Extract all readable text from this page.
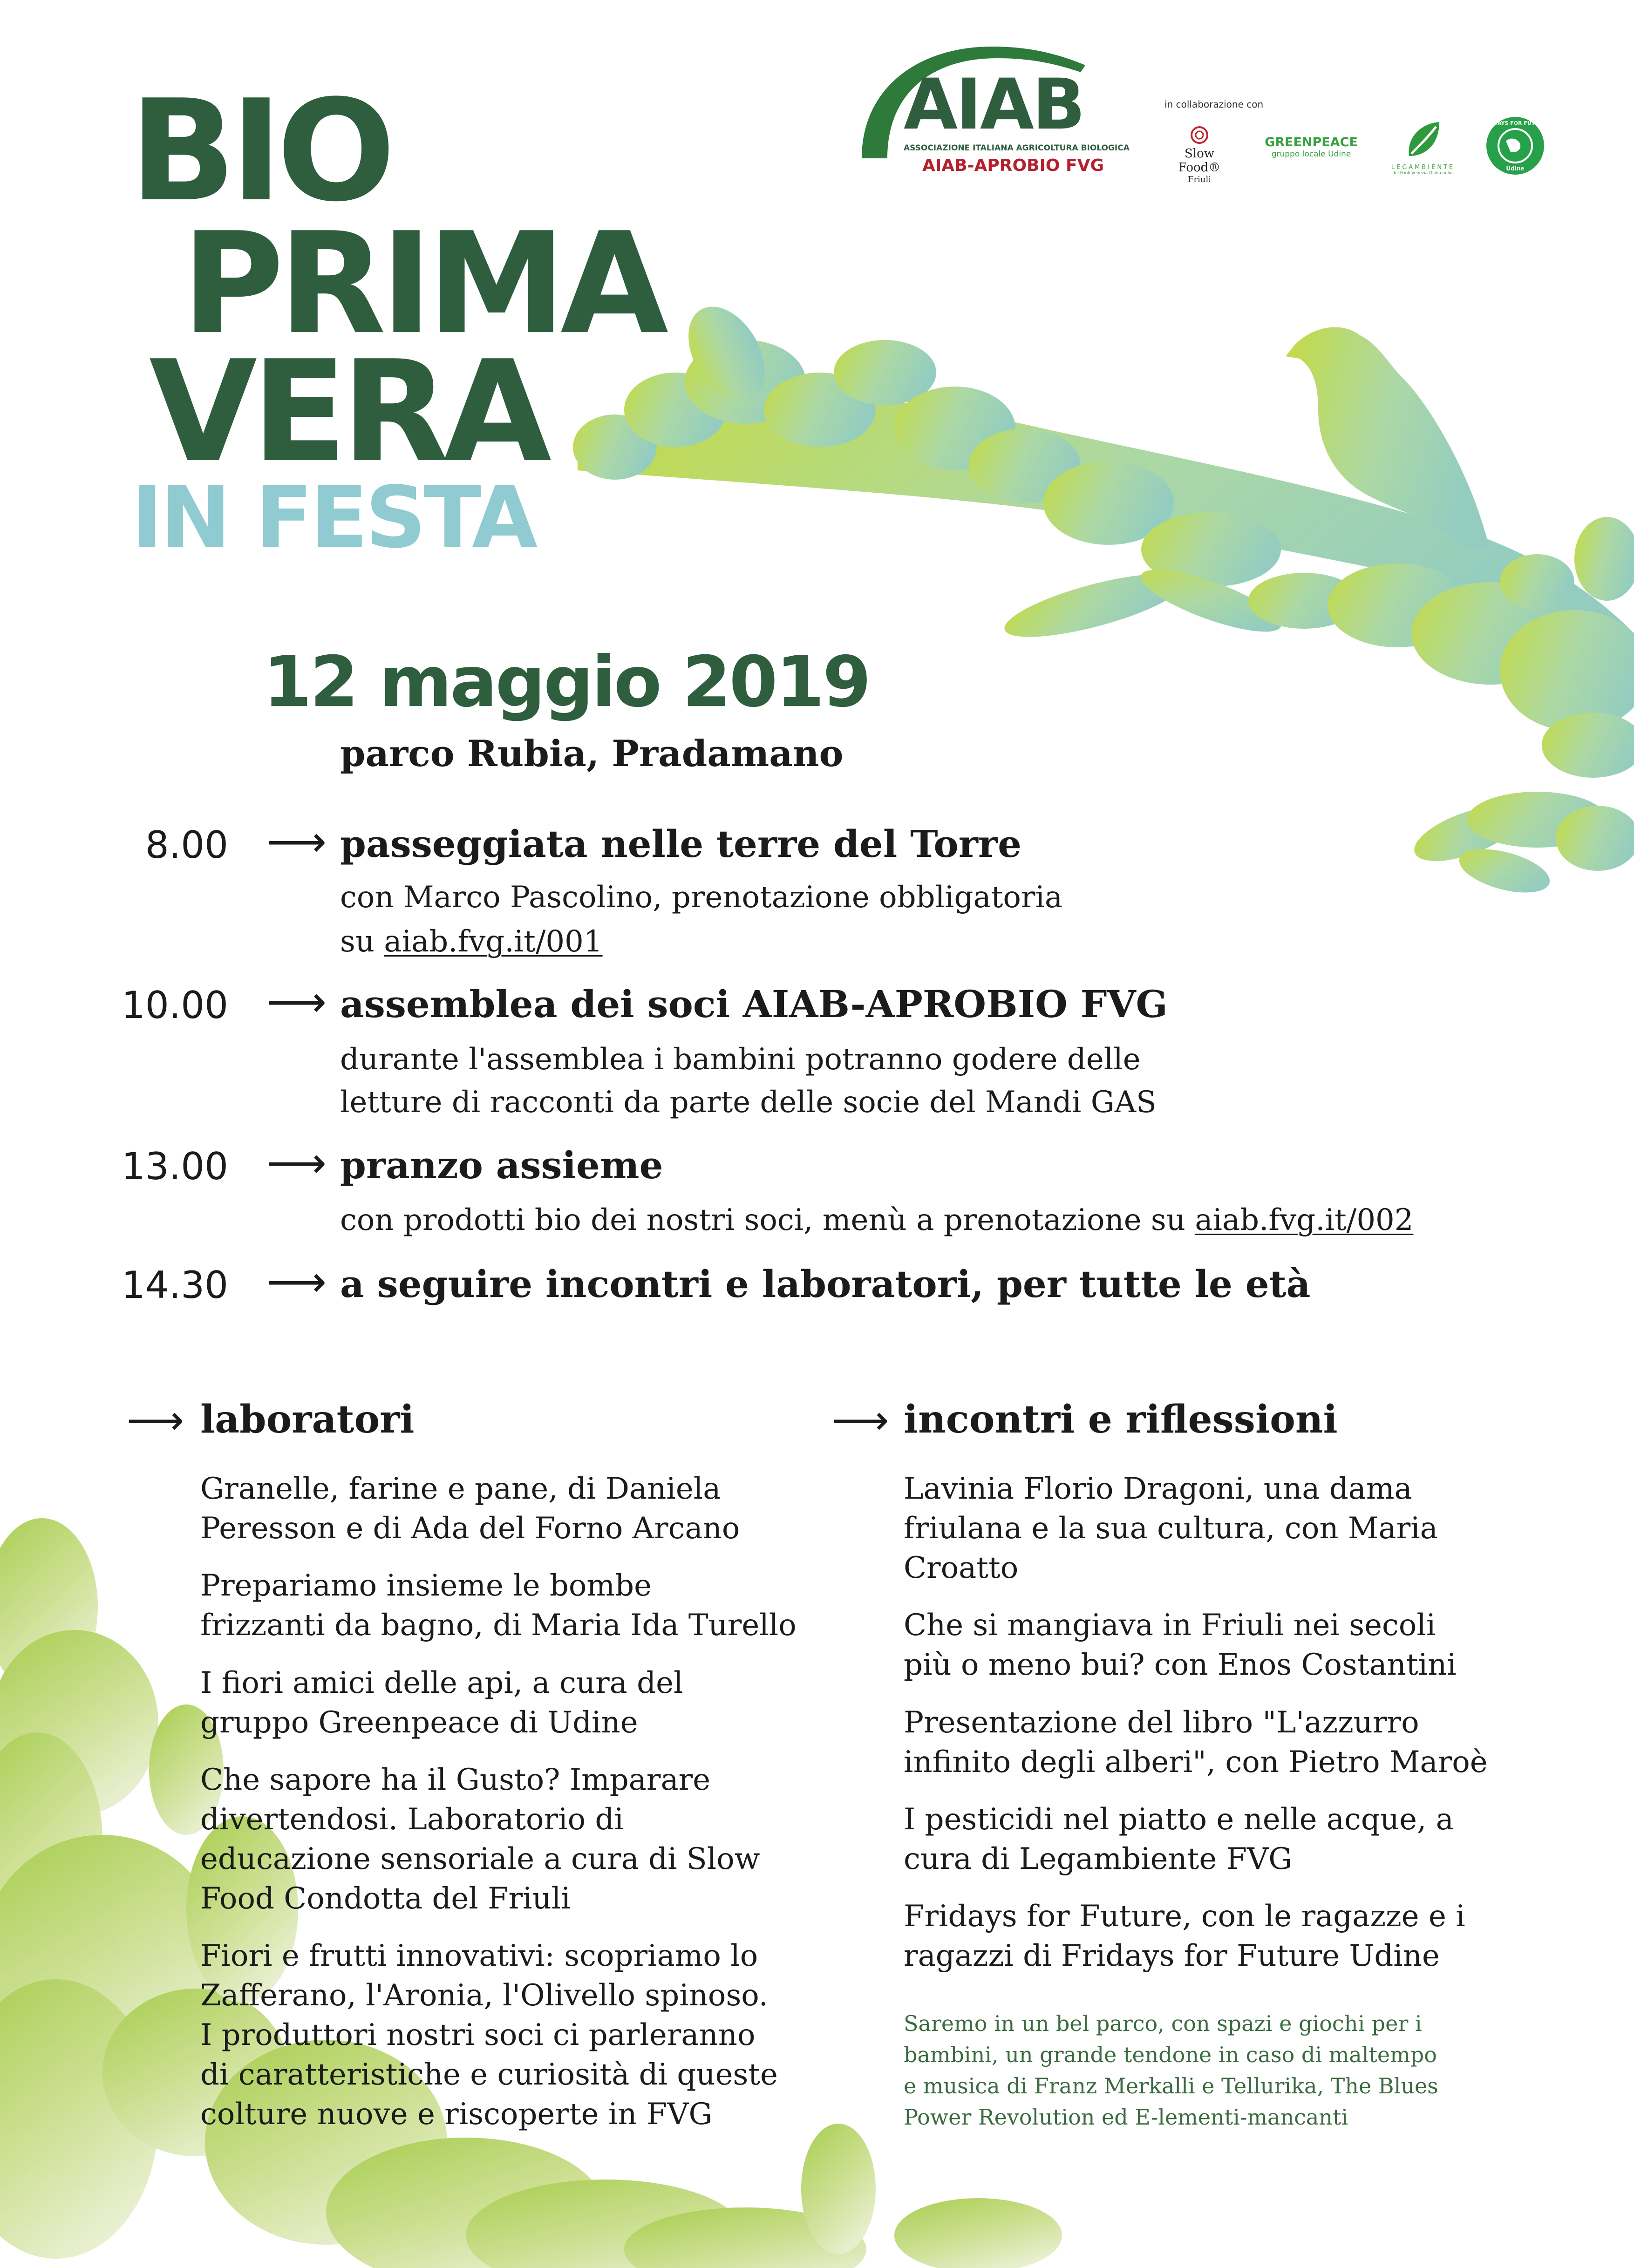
BIO
PRIMA
VERA
IN FESTA
AIAB
ASSOCIAZIONE ITALIANA AGRICOLTURA BIOLOGICA
AIAB-APROBIO FVG
in collaborazione con
Slow Food®
Friuli
GREENPEACE
gruppo locale Udine
LEGAMBIENTE
del Friuli Venezia Giulia onlus
FRIDAYS FOR FUTURE
Udine
12 maggio 2019
parco Rubia, Pradamano
8.00 ⟶ passeggiata nelle terre del Torre
con Marco Pascolino, prenotazione obbligatoria
su aiab.fvg.it/001
10.00 ⟶ assemblea dei soci AIAB-APROBIO FVG
durante l'assemblea i bambini potranno godere delle
letture di racconti da parte delle socie del Mandi GAS
13.00 ⟶ pranzo assieme
con prodotti bio dei nostri soci, menù a prenotazione su aiab.fvg.it/002
14.30 ⟶ a seguire incontri e laboratori, per tutte le età
⟶ laboratori	⟶ incontri e riflessioni
Granelle, farine e pane, di Daniela
Peresson e di Ada del Forno Arcano
Prepariamo insieme le bombe
frizzanti da bagno, di Maria Ida Turello
I fiori amici delle api, a cura del
gruppo Greenpeace di Udine
Che sapore ha il Gusto? Imparare
divertendosi. Laboratorio di
educazione sensoriale a cura di Slow
Food Condotta del Friuli
Fiori e frutti innovativi: scopriamo lo
Zafferano, l'Aronia, l'Olivello spinoso.
I produttori nostri soci ci parleranno
di caratteristiche e curiosità di queste
colture nuove e riscoperte in FVG
Lavinia Florio Dragoni, una dama
friulana e la sua cultura, con Maria
Croatto
Che si mangiava in Friuli nei secoli
più o meno bui? con Enos Costantini
Presentazione del libro "L'azzurro
infinito degli alberi", con Pietro Maroè
I pesticidi nel piatto e nelle acque, a
cura di Legambiente FVG
Fridays for Future, con le ragazze e i
ragazzi di Fridays for Future Udine
Saremo in un bel parco, con spazi e giochi per i
bambini, un grande tendone in caso di maltempo
e musica di Franz Merkalli e Tellurika, The Blues
Power Revolution ed E-lementi-mancanti
